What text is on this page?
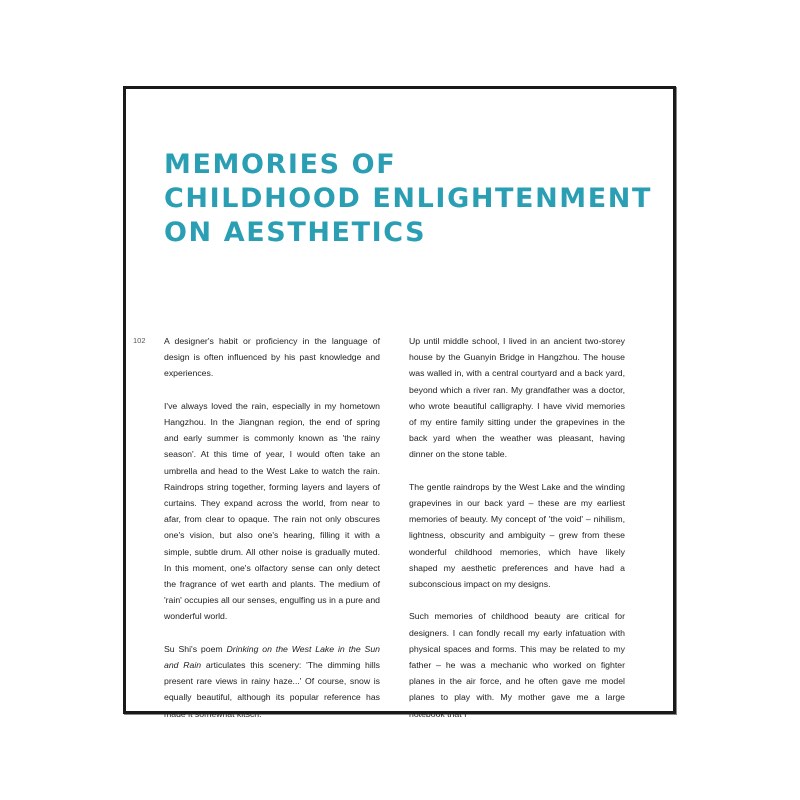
MEMORIES OF
CHILDHOOD ENLIGHTENMENT
ON AESTHETICS
102 A designer's habit or proficiency in the language of design is often influenced by his past knowledge and experiences.

I've always loved the rain, especially in my hometown Hangzhou. In the Jiangnan region, the end of spring and early summer is commonly known as 'the rainy season'. At this time of year, I would often take an umbrella and head to the West Lake to watch the rain. Raindrops string together, forming layers and layers of curtains. They expand across the world, from near to afar, from clear to opaque. The rain not only obscures one's vision, but also one's hearing, filling it with a simple, subtle drum. All other noise is gradually muted. In this moment, one's olfactory sense can only detect the fragrance of wet earth and plants. The medium of 'rain' occupies all our senses, engulfing us in a pure and wonderful world.

Su Shi's poem Drinking on the West Lake in the Sun and Rain articulates this scenery: 'The dimming hills present rare views in rainy haze...' Of course, snow is equally beautiful, although its popular reference has made it somewhat kitsch.

Up until middle school, I lived in an ancient two-storey house by the Guanyin Bridge in Hangzhou. The house was walled in, with a central courtyard and a back yard, beyond which a river ran. My grandfather was a doctor, who wrote beautiful calligraphy. I have vivid memories of my entire family sitting under the grapevines in the back yard when the weather was pleasant, having dinner on the stone table.

The gentle raindrops by the West Lake and the winding grapevines in our back yard – these are my earliest memories of beauty. My concept of 'the void' – nihilism, lightness, obscurity and ambiguity – grew from these wonderful childhood memories, which have likely shaped my aesthetic preferences and have had a subconscious impact on my designs.

Such memories of childhood beauty are critical for designers. I can fondly recall my early infatuation with physical spaces and forms. This may be related to my father – he was a mechanic who worked on fighter planes in the air force, and he often gave me model planes to play with. My mother gave me a large notebook that I
